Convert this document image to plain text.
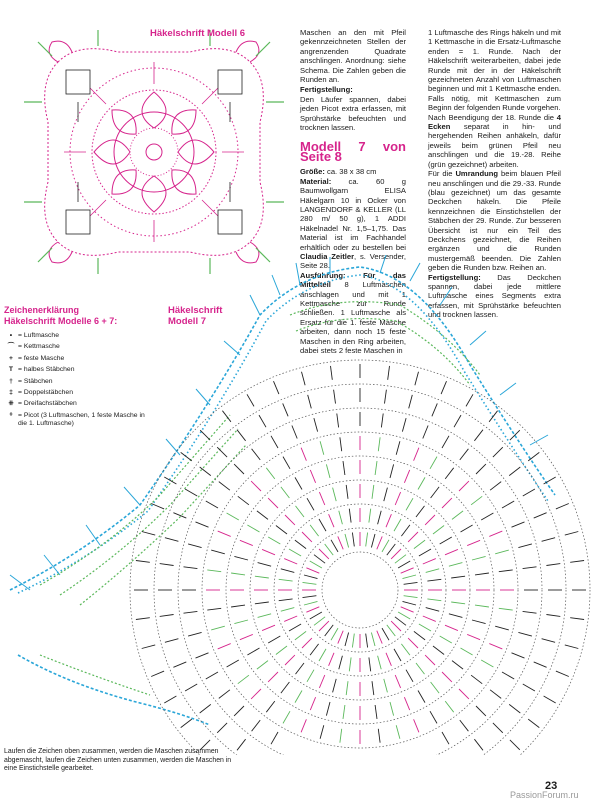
Häkelschrift Modell 6	Maschen an den mit Pfeil gekennzeichneten Stellen der angrenzenden Quadrate anschlingen. Anordnung: siehe Schema. Die Zahlen geben die Runden an.
Fertigstellung:
Den Läufer spannen, dabei jeden Picot extra erfassen, mit Sprühstärke befeuchten und trocknen lassen.
Modell 7 von Seite 8
Größe: ca. 38 x 38 cm
Material: ca. 60 g Baumwollgarn ELISA Häkelgarn 10 in Ocker von LANGENDORF & KELLER (LL 280 m/ 50 g), 1 ADDI Häkelnadel Nr. 1,5–1,75. Das Material ist im Fachhandel erhältlich oder zu bestellen bei Claudia Zeitler, s. Versender, Seite 28.
Ausführung: Für das Mittelteil 8 Luftmaschen anschlagen und mit 1 Kettmasche zur Runde schließen. 1 Luftmasche als Ersatz für die 1. feste Masche arbeiten, dann noch 15 feste Maschen in den Ring arbeiten, dabei stets 2 feste Maschen in
1 Luftmasche des Rings häkeln und mit 1 Kettmasche in die Ersatz-Luftmasche enden = 1. Runde. Nach der Häkelschrift weiterarbeiten, dabei jede Runde mit der in der Häkelschrift gezeichneten Anzahl von Luftmaschen beginnen und mit 1 Kettmasche enden. Falls nötig, mit Kettmaschen zum Beginn der folgenden Runde vorgehen.
Nach Beendigung der 18. Runde die 4 Ecken separat in hin- und hergehenden Reihen anhäkeln, dafür jeweils beim grünen Pfeil neu anschlingen und die 19.-28. Reihe (grün gezeichnet) arbeiten.
Für die Umrandung beim blauen Pfeil neu anschlingen und die 29.-33. Runde (blau gezeichnet) um das gesamte Deckchen häkeln. Die Pfeile kennzeichnen die Einstichstellen der Stäbchen der 29. Runde. Zur besseren Übersicht ist nur ein Teil des Deckchens gezeichnet, die Reihen ergänzen und die Runden mustergemäß beenden. Die Zahlen geben die Runden bzw. Reihen an.
Fertigstellung: Das Deckchen spannen, dabei jede mittlere Luftmasche eines Segments extra erfassen, mit Sprühstärke befeuchten und trocknen lassen.
Zeichenerklärung
Häkelschrift Modelle 6 + 7:
• = Luftmasche
⌒ = Kettmasche
+ = feste Masche
T = halbes Stäbchen
† = Stäbchen
‡ = Doppelstäbchen
⧺ = Dreifachstäbchen
ᵒ = Picot (3 Luftmaschen, 1 feste Masche in die 1. Luftmasche)
Häkelschrift
Modell 7
Laufen die Zeichen oben zusammen, werden die Maschen zusammen abgemascht, laufen die Zeichen unten zusammen, werden die Maschen in eine Einstichstelle gearbeitet.
23
PassionForum.ru
